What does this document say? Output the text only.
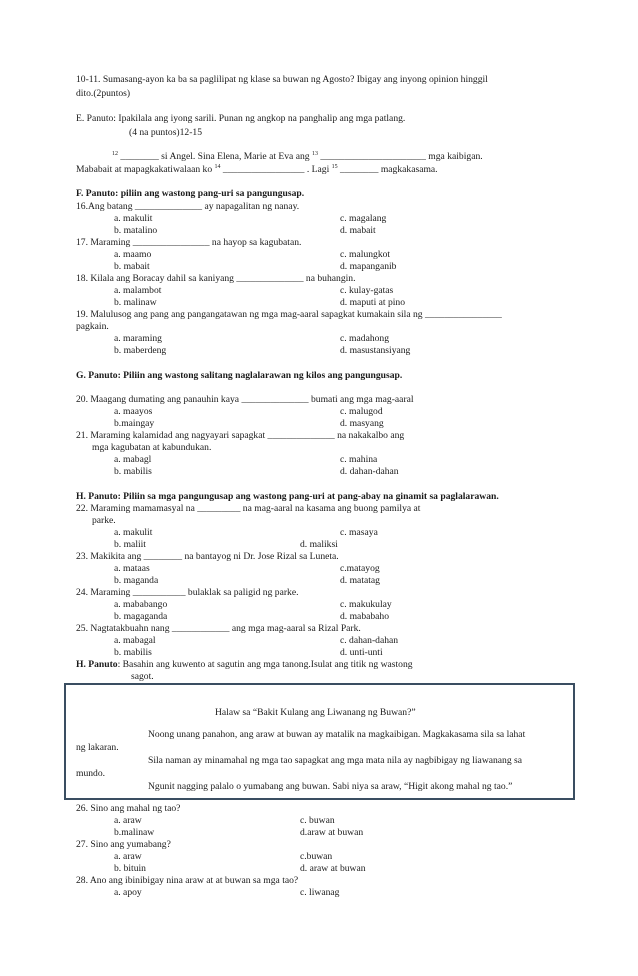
10-11. Sumasang-ayon ka ba sa paglilipat ng klase sa buwan ng Agosto? Ibigay ang inyong opinion hinggil
dito.(2puntos)
E. Panuto: Ipakilala ang iyong sarili. Punan ng angkop na panghalip ang mga patlang.
(4 na puntos)12-15
$^{12}$ ________ si Angel. Sina Elena, Marie at Eva ang $^{13}$ ______________________ mga kaibigan.
Mababait at mapagkakatiwalaan ko $^{14}$ _________________ . Lagi $^{15}$ ________ magkakasama.
F. Panuto: piliin ang wastong pang-uri sa pangungusap.
16.Ang batang ______________ ay napagalitan ng nanay.
a. makulit	c. magalang
b. matalino	d. mabait
17. Maraming ________________ na hayop sa kagubatan.
a. maamo	c. malungkot
b. mabait	d. mapanganib
18. Kilala ang Boracay dahil sa kaniyang ______________ na buhangin.
a. malambot	c. kulay-gatas
b. malinaw	d. maputi at pino
19. Malulusog ang pang ang pangangatawan ng mga mag-aaral sapagkat kumakain sila ng ________________
pagkain.
a. maraming	c. madahong
b. maberdeng	d. masustansiyang
G. Panuto: Piliin ang wastong salitang naglalarawan ng kilos ang pangungusap.
20. Maagang dumating ang panauhin kaya ______________ bumati ang mga mag-aaral
a. maayos	c. malugod
b.maingay	d. masyang
21. Maraming kalamidad ang nagyayari sapagkat ______________ na nakakalbo ang
mga kagubatan at kabundukan.
a. mabagl	c. mahina
b. mabilis	d. dahan-dahan
H. Panuto: Piliin sa mga pangungusap ang wastong pang-uri at pang-abay na ginamit sa paglalarawan.
22. Maraming mamamasyal na _________ na mag-aaral na kasama ang buong pamilya at
parke.
a. makulit	c. masaya
b. maliit	d. maliksi
23. Makikita ang ________ na bantayog ni Dr. Jose Rizal sa Luneta.
a. mataas	c.matayog
b. maganda	d. matatag
24. Maraming ___________ bulaklak sa paligid ng parke.
a. mababango	c. makukulay
b. magaganda	d. mababaho
25. Nagtatakbuahn nang ____________ ang mga mag-aaral sa Rizal Park.
a. mabagal	c. dahan-dahan
b. mabilis	d. unti-unti
H. Panuto: Basahin ang kuwento at sagutin ang mga tanong.Isulat ang titik ng wastong
sagot.
Halaw sa “Bakit Kulang ang Liwanang ng Buwan?”
Noong unang panahon, ang araw at buwan ay matalik na magkaibigan. Magkakasama sila sa lahat
ng lakaran.
Sila naman ay minamahal ng mga tao sapagkat ang mga mata nila ay nagbibigay ng liawanang sa
mundo.
Ngunit nagging palalo o yumabang ang buwan. Sabi niya sa araw, “Higit akong mahal ng tao.”
26. Sino ang mahal ng tao?
a. araw	c. buwan
b.malinaw	d.araw at buwan
27. Sino ang yumabang?
a. araw	c.buwan
b. bituin	d. araw at buwan
28. Ano ang ibinibigay nina araw at at buwan sa mga tao?
a. apoy	c. liwanag
